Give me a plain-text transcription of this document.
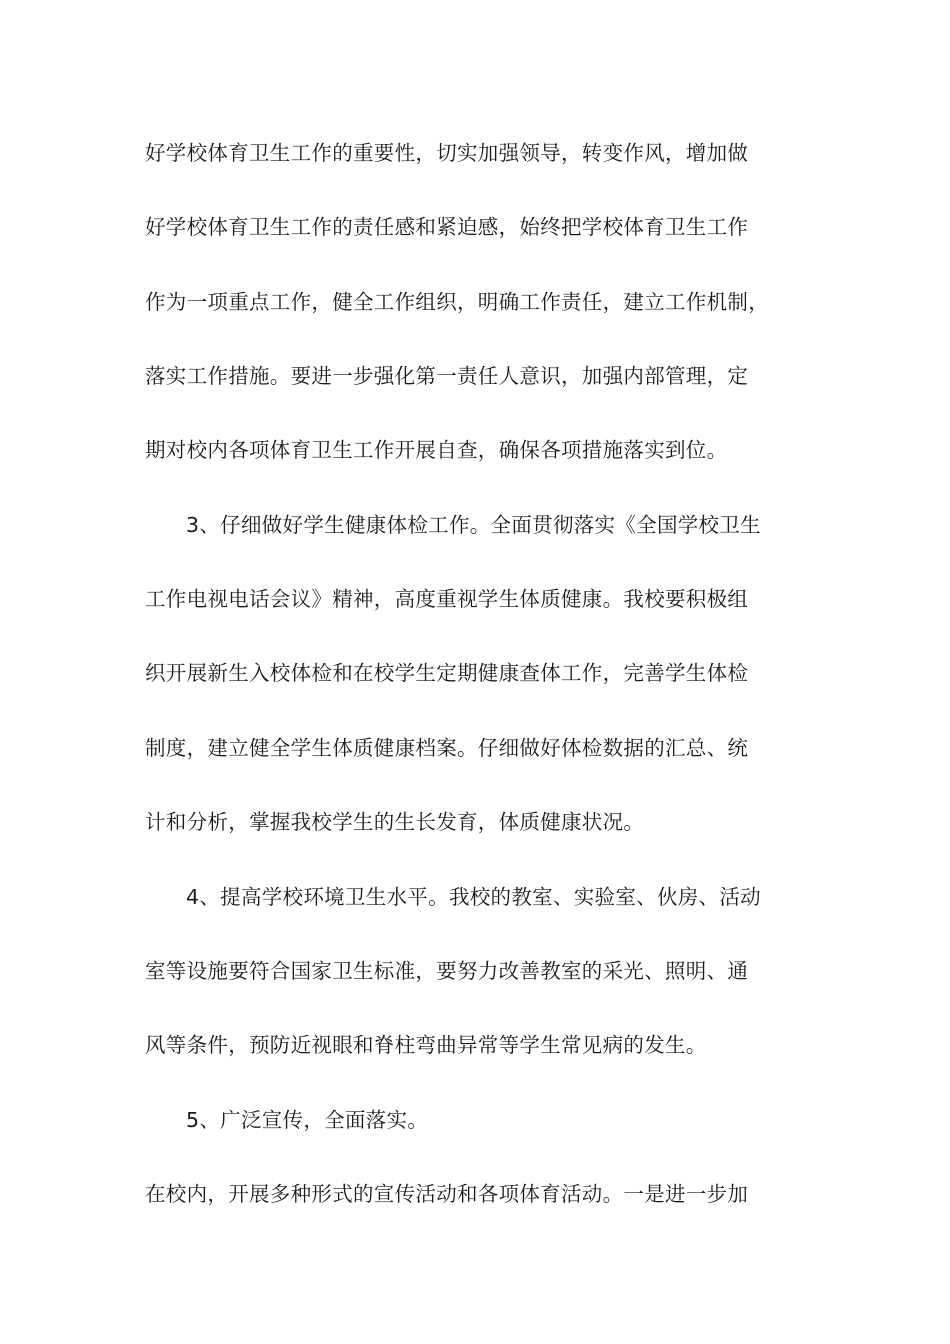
好学校体育卫生工作的重要性，切实加强领导，转变作风，增加做
好学校体育卫生工作的责任感和紧迫感，始终把学校体育卫生工作
作为一项重点工作，健全工作组织，明确工作责任，建立工作机制，
落实工作措施。要进一步强化第一责任人意识，加强内部管理，定
期对校内各项体育卫生工作开展自查，确保各项措施落实到位。
3、仔细做好学生健康体检工作。全面贯彻落实《全国学校卫生
工作电视电话会议》精神，高度重视学生体质健康。我校要积极组
织开展新生入校体检和在校学生定期健康查体工作，完善学生体检
制度，建立健全学生体质健康档案。仔细做好体检数据的汇总、统
计和分析，掌握我校学生的生长发育，体质健康状况。
4、提高学校环境卫生水平。我校的教室、实验室、伙房、活动
室等设施要符合国家卫生标准，要努力改善教室的采光、照明、通
风等条件，预防近视眼和脊柱弯曲异常等学生常见病的发生。
5、广泛宣传，全面落实。
在校内，开展多种形式的宣传活动和各项体育活动。一是进一步加
